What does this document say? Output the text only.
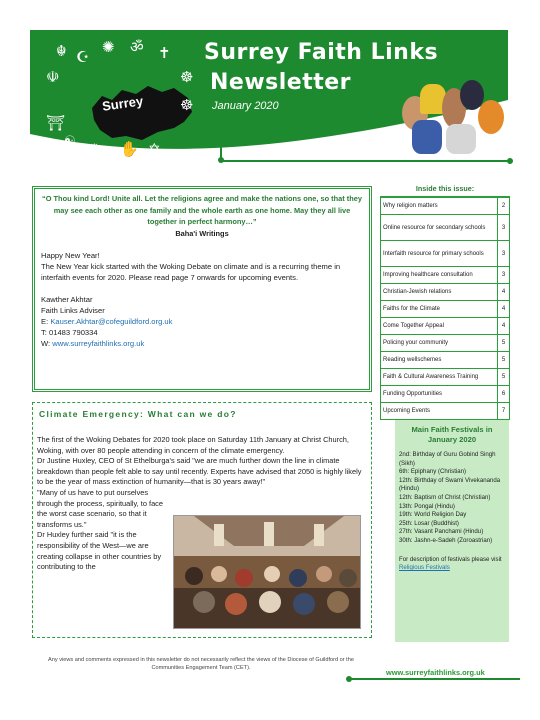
Surrey
☬ ☪
✺ ॐ ✝
☫	☸
⛩
☸
☯
✹ ✋ ✡
Surrey Faith Links
Newsletter
January 2020
“O Thou kind Lord! Unite all. Let the religions agree and make the nations one, so that they may see each other as one family and the whole earth as one home. May they all live together in perfect harmony…”
Baha'i Writings
Happy New Year!
The New Year kick started with the Woking Debate on climate and is a recurring theme in interfaith events for 2020. Please read page 7 onwards for upcoming events.
Kawther Akhtar
Faith Links Adviser
E: Kauser.Akhtar@cofeguildford.org.uk
T: 01483 790334
W: www.surreyfaithlinks.org.uk
Climate Emergency: What can we do?
The first of the Woking Debates for 2020 took place on Saturday 11th January at Christ Church, Woking, with over 80 people attending in concern of the climate emergency.
Dr Justine Huxley, CEO of St Ethelburga's said "we are much further down the line in climate breakdown than people felt able to say until recently. Experts have advised that 2050 is highly likely to be the year of mass extinction of humanity—that is 30 years away!"
"Many of us have to put ourselves through the process, spiritually, to face the worst case scenario, so that it transforms us."
Dr Huxley further said "it is the responsibility of the West—we are creating collapse in other countries by contributing to the
Inside this issue:
Why religion matters	2
Online resource for secondary schools	3
Interfaith resource for primary schools	3
Improving healthcare consultation	3
Christian-Jewish relations	4
Faiths for the Climate	4
Come Together Appeal	4
Policing your community	5
Reading wellschemes	5
Faith & Cultural Awareness Training	5
Funding Opportunities	6
Upcoming Events	7
Main Faith Festivals in January 2020
2nd: Birthday of Guru Gobind Singh (Sikh)
6th: Epiphany (Christian)
12th: Birthday of Swami Vivekananda (Hindu)
12th: Baptism of Christ (Christian)
13th: Pongal (Hindu)
19th: World Religion Day
25th: Losar (Buddhist)
27th: Vasant Panchami (Hindu)
30th: Jashn-e-Sadeh (Zoroastrian)
For description of festivals please visit Religious Festivals
Any views and comments expressed in this newsletter do not necessarily reflect the views of the Diocese of Guildford or the Communities Engagement Team (CET).	www.surreyfaithlinks.org.uk
